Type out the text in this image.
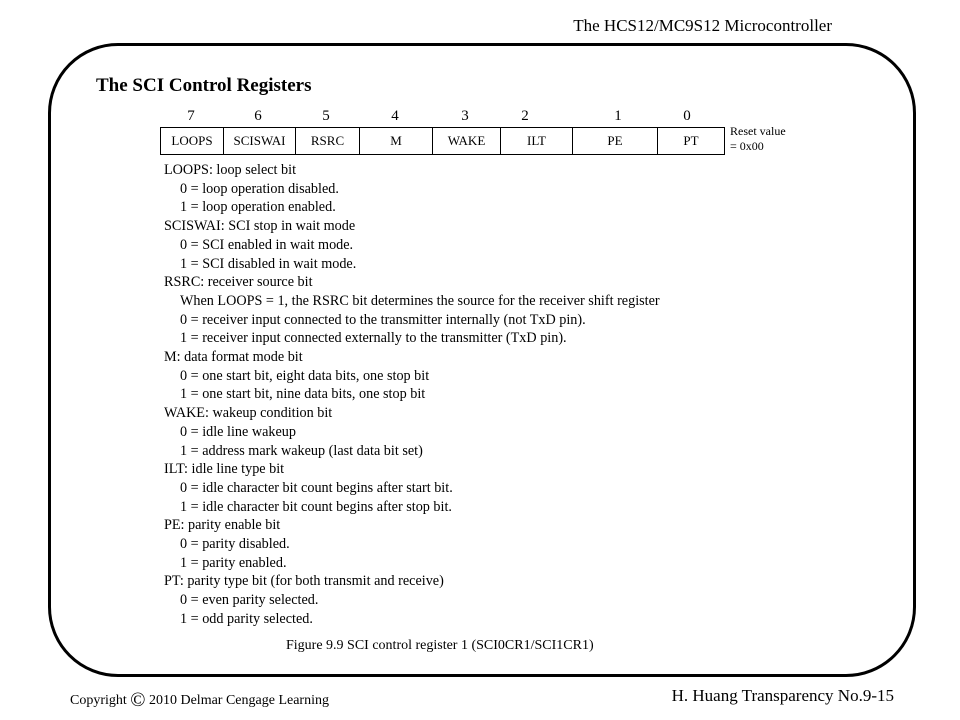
The HCS12/MC9S12 Microcontroller
The SCI Control Registers
7	6	5	4	3	2	1	0
LOOPS	SCISWAI	RSRC	M	WAKE	ILT	PE	PT
Reset value
= 0x00
LOOPS: loop select bit
0 = loop operation disabled.
1 = loop operation enabled.
SCISWAI: SCI stop in wait mode
0 = SCI enabled in wait mode.
1 = SCI disabled in wait mode.
RSRC: receiver source bit
When LOOPS = 1, the RSRC bit determines the source for the receiver shift register
0 = receiver input connected to the transmitter internally (not TxD pin).
1 = receiver input connected externally to the transmitter (TxD pin).
M: data format mode bit
0 = one start bit, eight data bits, one stop bit
1 = one start bit, nine data bits, one stop bit
WAKE: wakeup condition bit
0 = idle line wakeup
1 = address mark wakeup (last data bit set)
ILT: idle line type bit
0 = idle character bit count begins after start bit.
1 = idle character bit count begins after stop bit.
PE: parity enable bit
0 = parity disabled.
1 = parity enabled.
PT: parity type bit (for both transmit and receive)
0 = even parity selected.
1 = odd parity selected.
Figure 9.9 SCI control register 1 (SCI0CR1/SCI1CR1)
Copyright © 2010 Delmar Cengage Learning	H. Huang Transparency No.9-15
